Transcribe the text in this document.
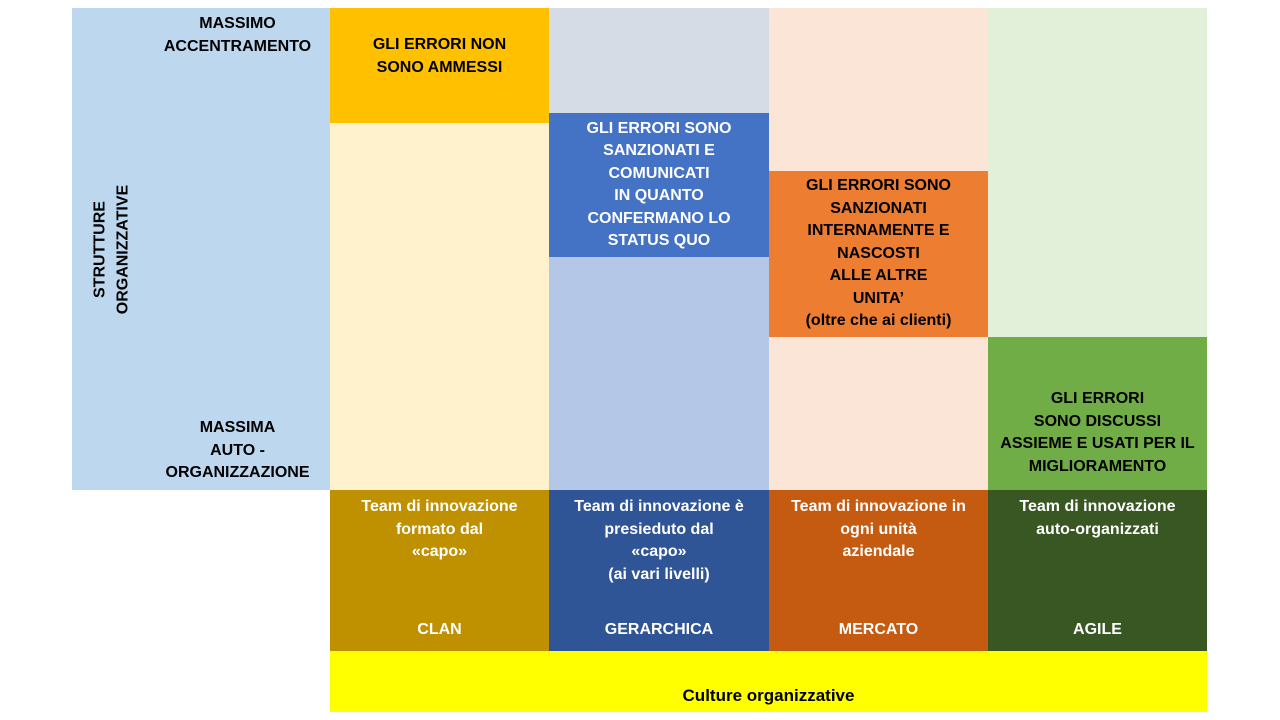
MASSIMO
ACCENTRAMENTO
MASSIMA
AUTO -
ORGANIZZAZIONE
STRUTTURE
ORGANIZZATIVE
GLI ERRORI NON
SONO AMMESSI
Team di innovazione
formato dal
«capo»
CLAN
GLI ERRORI SONO
SANZIONATI E
COMUNICATI
IN QUANTO
CONFERMANO LO
STATUS QUO
Team di innovazione è
presieduto dal
«capo»
(ai vari livelli)
GERARCHICA
GLI ERRORI SONO
SANZIONATI
INTERNAMENTE E
NASCOSTI
ALLE ALTRE
UNITA’
(oltre che ai clienti)
Team di innovazione in
ogni unità
aziendale
MERCATO
GLI ERRORI
SONO DISCUSSI
ASSIEME E USATI PER IL
MIGLIORAMENTO
Team di innovazione
auto-organizzati
AGILE
Culture organizzative
